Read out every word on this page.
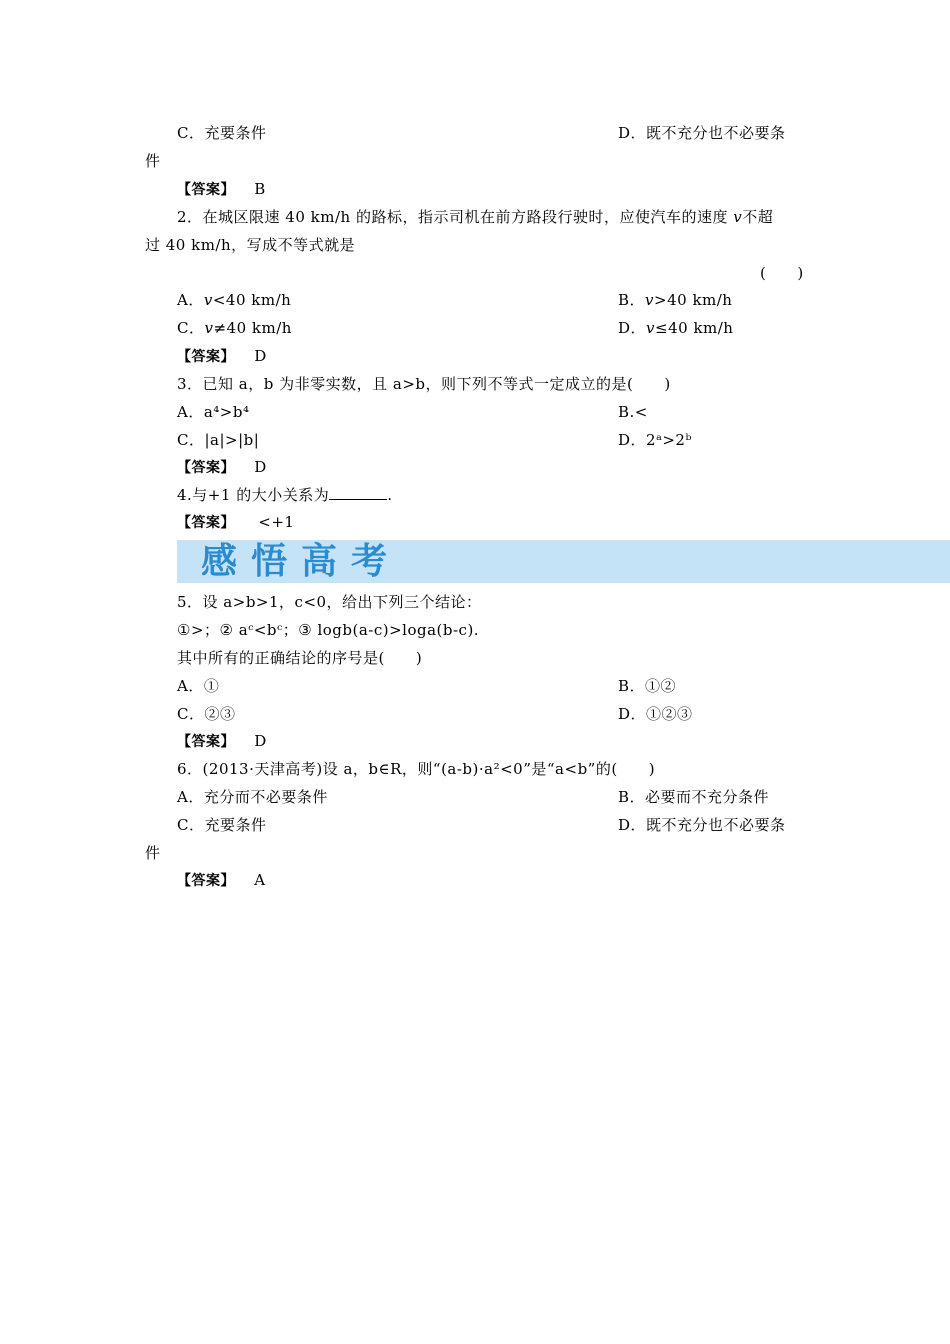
C．充要条件	D．既不充分也不必要条
件
【答案】 B
2．在城区限速 40 km/h 的路标，指示司机在前方路段行驶时，应使汽车的速度 v不超
过 40 km/h，写成不等式就是
(　　)
A．v<40 km/h	B．v>40 km/h
C．v≠40 km/h	D．v≤40 km/h
【答案】 D
3．已知 a，b 为非零实数，且 a>b，则下列不等式一定成立的是(　　)
A．a⁴>b⁴	B.<
C．|a|>|b|	D．2ᵃ>2ᵇ
【答案】 D
4.与+1 的大小关系为	.
【答案】 <+1
感悟高考
5．设 a>b>1，c<0，给出下列三个结论：
①>；② aᶜ<bᶜ；③ logb(a-c)>loga(b-c).
其中所有的正确结论的序号是(　　)
A．①	B．①②
C．②③	D．①②③
【答案】 D
6．(2013·天津高考)设 a，b∈R，则“(a-b)·a²<0”是“a<b”的(　　)
A．充分而不必要条件	B．必要而不充分条件
C．充要条件	D．既不充分也不必要条
件
【答案】 A
